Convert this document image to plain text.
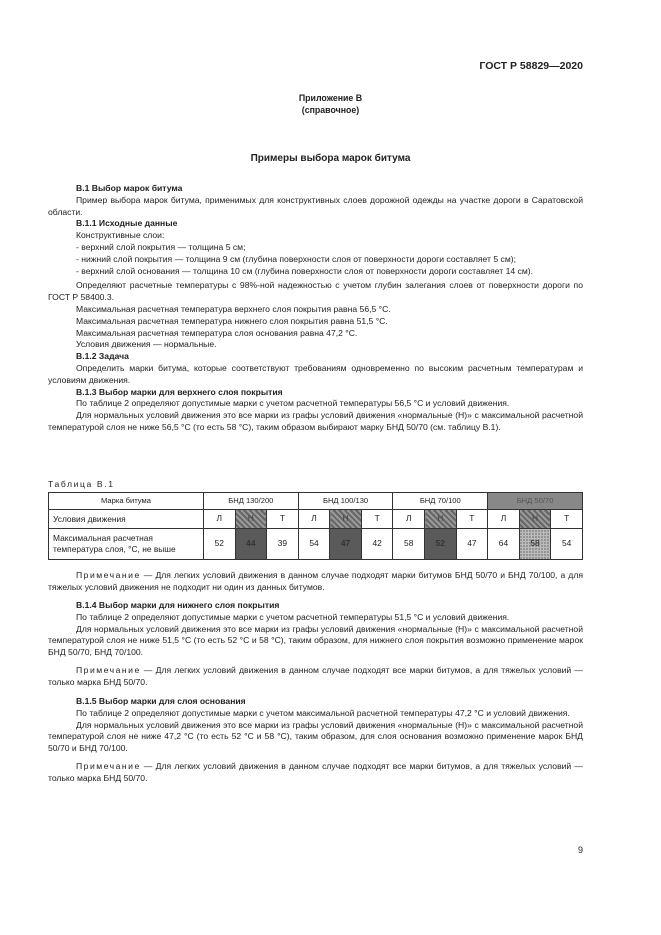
ГОСТ Р 58829—2020
Приложение В
(справочное)
Примеры выбора марок битума
В.1 Выбор марок битума

Пример выбора марок битума, применимых для конструктивных слоев дорожной одежды на участке дороги в Саратовской области.

В.1.1 Исходные данные

Конструктивные слои:

- верхний слой покрытия — толщина 5 см;

- нижний слой покрытия — толщина 9 см (глубина поверхности слоя от поверхности дороги составляет 5 см);

- верхний слой основания — толщина 10 см (глубина поверхности слоя от поверхности дороги составляет 14 см).

Определяют расчетные температуры с 98%-ной надежностью с учетом глубин залегания слоев от поверхности дороги по ГОСТ Р 58400.3.

Максимальная расчетная температура верхнего слоя покрытия равна 56,5 °С.

Максимальная расчетная температура нижнего слоя покрытия равна 51,5 °С.

Максимальная расчетная температура слоя основания равна 47,2 °С.

Условия движения — нормальные.

В.1.2 Задача

Определить марки битума, которые соответствуют требованиям одновременно по высоким расчетным температурам и условиям движения.

В.1.3 Выбор марки для верхнего слоя покрытия

По таблице 2 определяют допустимые марки с учетом расчетной температуры 56,5 °С и условий движения.

Для нормальных условий движения это все марки из графы условий движения «нормальные (Н)» с максимальной расчетной температурой слоя не ниже 56,5 °С (то есть 58 °С), таким образом выбирают марку БНД 50/70 (см. таблицу В.1).

Таблица В.1
Марка битума	БНД 130/200			БНД 100/130			БНД 70/100			БНД 50/70		
Условия движения	Л	Н	Т	Л	Н	Т	Л	Н	Т	Л	Н	Т
Максимальная расчетная температура слоя, °С, не выше	52	44	39	54	47	42	58	52	47	64	58	54

Примечание — Для легких условий движения в данном случае подходят марки битумов БНД 50/70 и БНД 70/100, а для тяжелых условий движения не подходит ни один из данных битумов.

В.1.4 Выбор марки для нижнего слоя покрытия

По таблице 2 определяют допустимые марки с учетом расчетной температуры 51,5 °С и условий движения.

Для нормальных условий движения это все марки из графы условий движения «нормальные (Н)» с максимальной расчетной температурой слоя не ниже 51,5 °С (то есть 52 °С и 58 °С), таким образом, для нижнего слоя покрытия возможно применение марок БНД 50/70, БНД 70/100.

Примечание — Для легких условий движения в данном случае подходят все марки битумов, а для тяжелых условий — только марка БНД 50/70.

В.1.5 Выбор марки для слоя основания

По таблице 2 определяют допустимые марки с учетом максимальной расчетной температуры 47,2 °С и условий движения.

Для нормальных условий движения это все марки из графы условий движения «нормальные (Н)» с максимальной расчетной температурой слоя не ниже 47,2 °С (то есть 52 °С и 58 °С), таким образом, для слоя основания возможно применение марок БНД 50/70 и БНД 70/100.

Примечание — Для легких условий движения в данном случае подходят все марки битумов, а для тяжелых условий — только марка БНД 50/70.

9
